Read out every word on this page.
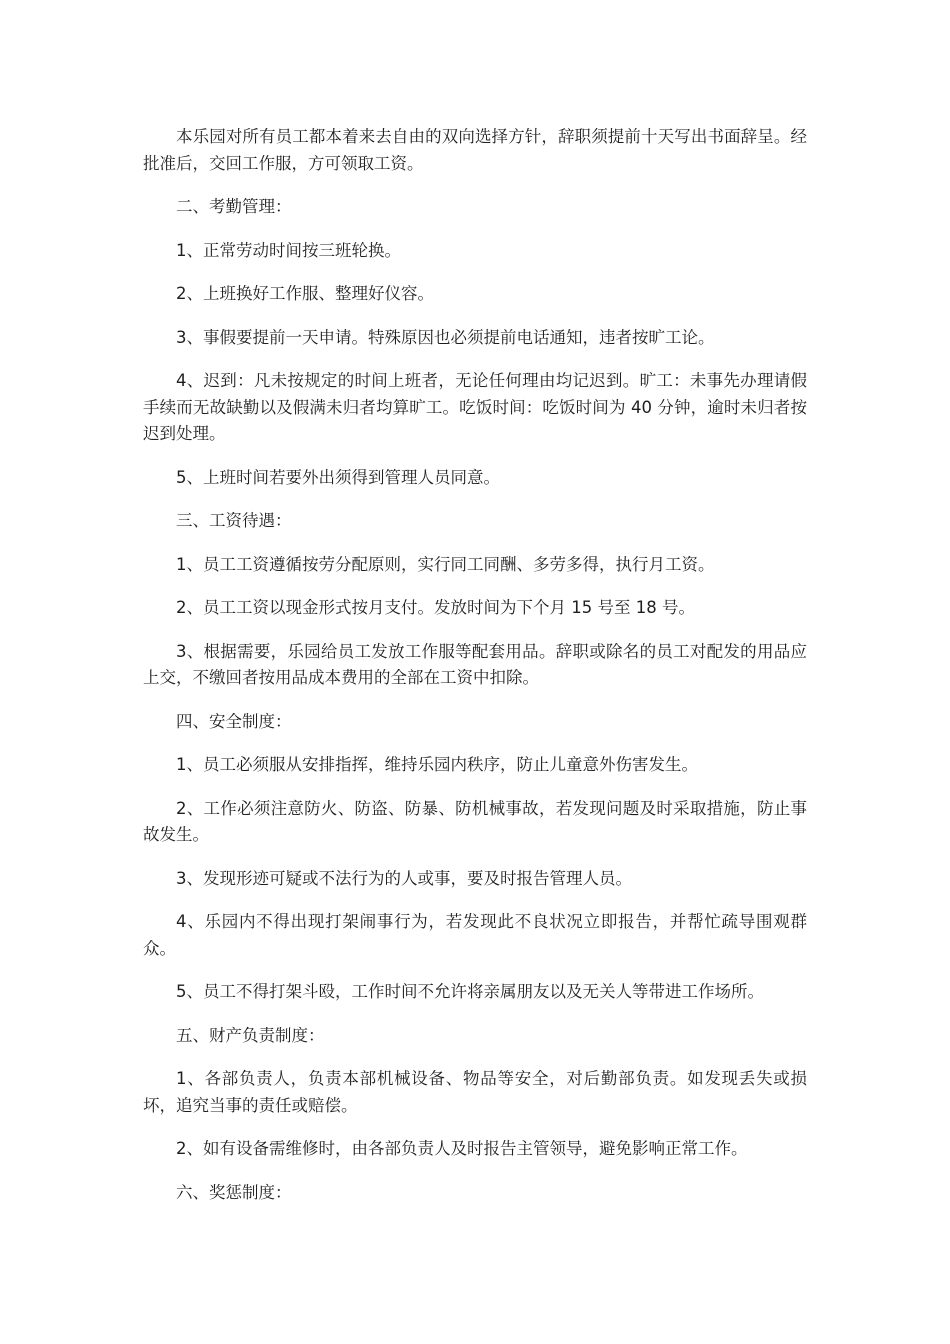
本乐园对所有员工都本着来去自由的双向选择方针，辞职须提前十天写出书面辞呈。经批准后，交回工作服，方可领取工资。

二、考勤管理：

1、正常劳动时间按三班轮换。

2、上班换好工作服、整理好仪容。

3、事假要提前一天申请。特殊原因也必须提前电话通知，违者按旷工论。

4、迟到：凡未按规定的时间上班者，无论任何理由均记迟到。旷工：未事先办理请假手续而无故缺勤以及假满未归者均算旷工。吃饭时间：吃饭时间为 40 分钟，逾时未归者按迟到处理。

5、上班时间若要外出须得到管理人员同意。

三、工资待遇：

1、员工工资遵循按劳分配原则，实行同工同酬、多劳多得，执行月工资。

2、员工工资以现金形式按月支付。发放时间为下个月 15 号至 18 号。

3、根据需要，乐园给员工发放工作服等配套用品。辞职或除名的员工对配发的用品应上交，不缴回者按用品成本费用的全部在工资中扣除。

四、安全制度：

1、员工必须服从安排指挥，维持乐园内秩序，防止儿童意外伤害发生。

2、工作必须注意防火、防盗、防暴、防机械事故，若发现问题及时采取措施，防止事故发生。

3、发现形迹可疑或不法行为的人或事，要及时报告管理人员。

4、乐园内不得出现打架闹事行为，若发现此不良状况立即报告，并帮忙疏导围观群众。

5、员工不得打架斗殴，工作时间不允许将亲属朋友以及无关人等带进工作场所。

五、财产负责制度：

1、各部负责人，负责本部机械设备、物品等安全，对后勤部负责。如发现丢失或损坏，追究当事的责任或赔偿。

2、如有设备需维修时，由各部负责人及时报告主管领导，避免影响正常工作。

六、奖惩制度：
